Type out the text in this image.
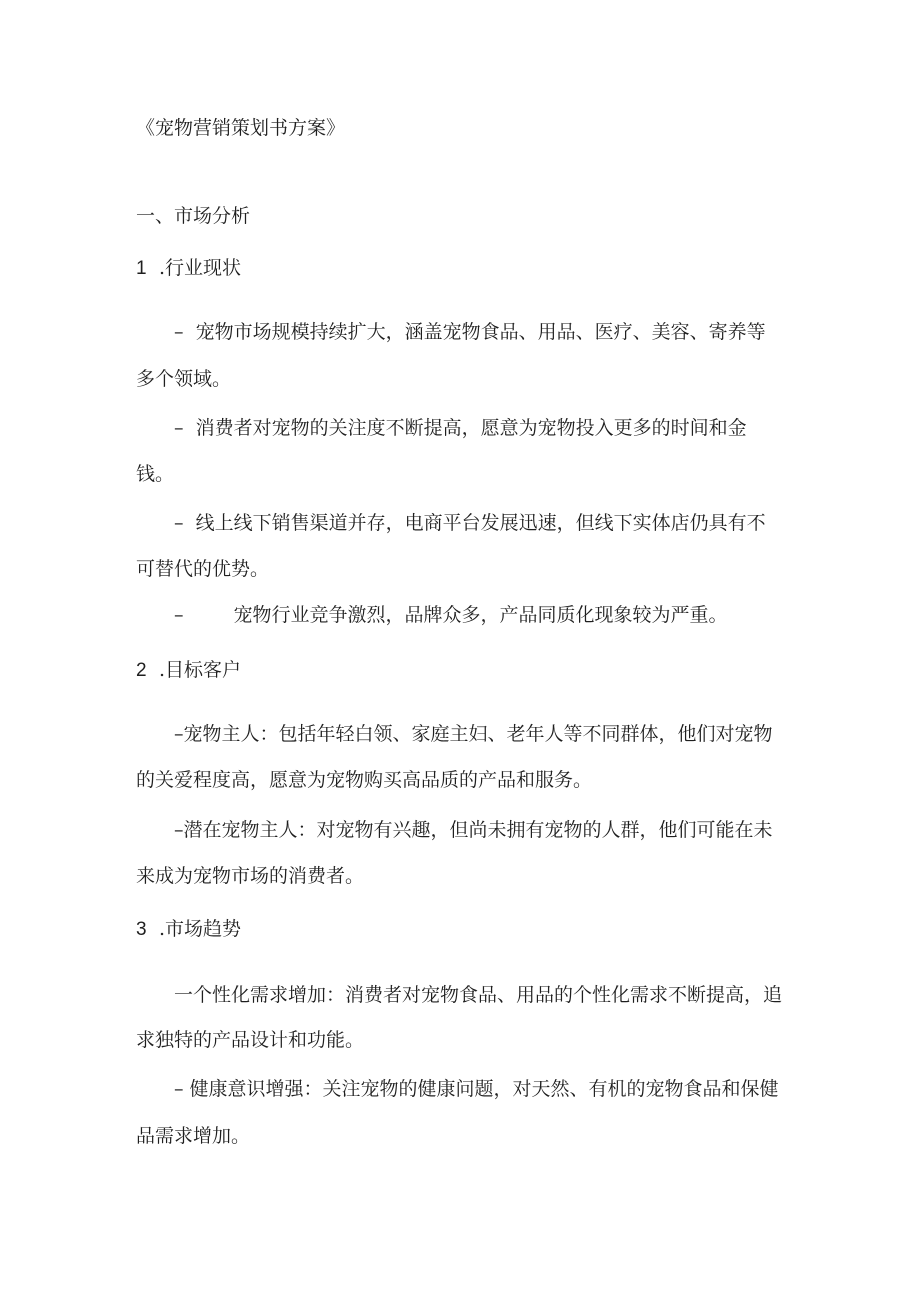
《宠物营销策划书方案》
一、市场分析
1 .行业现状
– 宠物市场规模持续扩大，涵盖宠物食品、用品、医疗、美容、寄养等
多个领域。
– 消费者对宠物的关注度不断提高，愿意为宠物投入更多的时间和金
钱。
– 线上线下销售渠道并存，电商平台发展迅速，但线下实体店仍具有不
可替代的优势。
–	宠物行业竞争激烈，品牌众多，产品同质化现象较为严重。
2 .目标客户
–宠物主人：包括年轻白领、家庭主妇、老年人等不同群体，他们对宠物
的关爱程度高，愿意为宠物购买高品质的产品和服务。
–潜在宠物主人：对宠物有兴趣，但尚未拥有宠物的人群，他们可能在未
来成为宠物市场的消费者。
3 .市场趋势
一个性化需求增加：消费者对宠物食品、用品的个性化需求不断提高，追
求独特的产品设计和功能。
– 健康意识增强：关注宠物的健康问题，对天然、有机的宠物食品和保健
品需求增加。
